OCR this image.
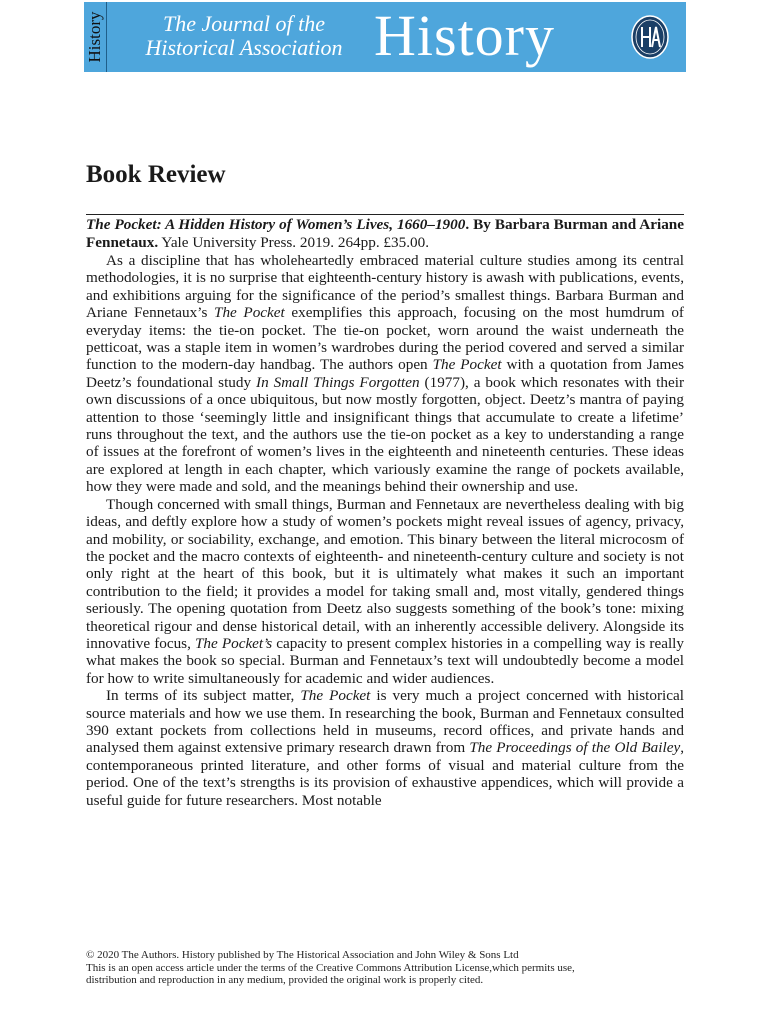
History	The Journal of the
Historical Association History
Book Review

The Pocket: A Hidden History of Women’s Lives, 1660–1900. By Barbara Burman and Ariane Fennetaux. Yale University Press. 2019. 264pp. £35.00.

As a discipline that has wholeheartedly embraced material culture studies among its central methodologies, it is no surprise that eighteenth-century history is awash with publications, events, and exhibitions arguing for the significance of the period’s smallest things. Barbara Burman and Ariane Fennetaux’s The Pocket exemplifies this approach, focusing on the most humdrum of everyday items: the tie-on pocket. The tie-on pocket, worn around the waist underneath the petticoat, was a staple item in women’s wardrobes during the period covered and served a similar function to the modern-day handbag. The authors open The Pocket with a quotation from James Deetz’s foundational study In Small Things Forgotten (1977), a book which resonates with their own discussions of a once ubiquitous, but now mostly forgotten, object. Deetz’s mantra of paying attention to those ‘seemingly little and insignificant things that accumulate to create a lifetime’ runs throughout the text, and the authors use the tie-on pocket as a key to understanding a range of issues at the forefront of women’s lives in the eighteenth and nineteenth centuries. These ideas are explored at length in each chapter, which variously examine the range of pockets available, how they were made and sold, and the meanings behind their ownership and use.

Though concerned with small things, Burman and Fennetaux are nevertheless dealing with big ideas, and deftly explore how a study of women’s pockets might reveal issues of agency, privacy, and mobility, or sociability, exchange, and emotion. This binary between the literal microcosm of the pocket and the macro contexts of eighteenth- and nineteenth-century culture and society is not only right at the heart of this book, but it is ultimately what makes it such an important contribution to the field; it provides a model for taking small and, most vitally, gendered things seriously. The opening quotation from Deetz also suggests something of the book’s tone: mixing theoretical rigour and dense historical detail, with an inherently accessible delivery. Alongside its innovative focus, The Pocket’s capacity to present complex histories in a compelling way is really what makes the book so special. Burman and Fennetaux’s text will undoubtedly become a model for how to write simultaneously for academic and wider audiences.

In terms of its subject matter, The Pocket is very much a project concerned with historical source materials and how we use them. In researching the book, Burman and Fennetaux consulted 390 extant pockets from collections held in museums, record offices, and private hands and analysed them against extensive primary research drawn from The Proceedings of the Old Bailey, contemporaneous printed literature, and other forms of visual and material culture from the period. One of the text’s strengths is its provision of exhaustive appendices, which will provide a useful guide for future researchers. Most notable

© 2020 The Authors. History published by The Historical Association and John Wiley & Sons Ltd
This is an open access article under the terms of the Creative Commons Attribution License,which permits use,
distribution and reproduction in any medium, provided the original work is properly cited.
